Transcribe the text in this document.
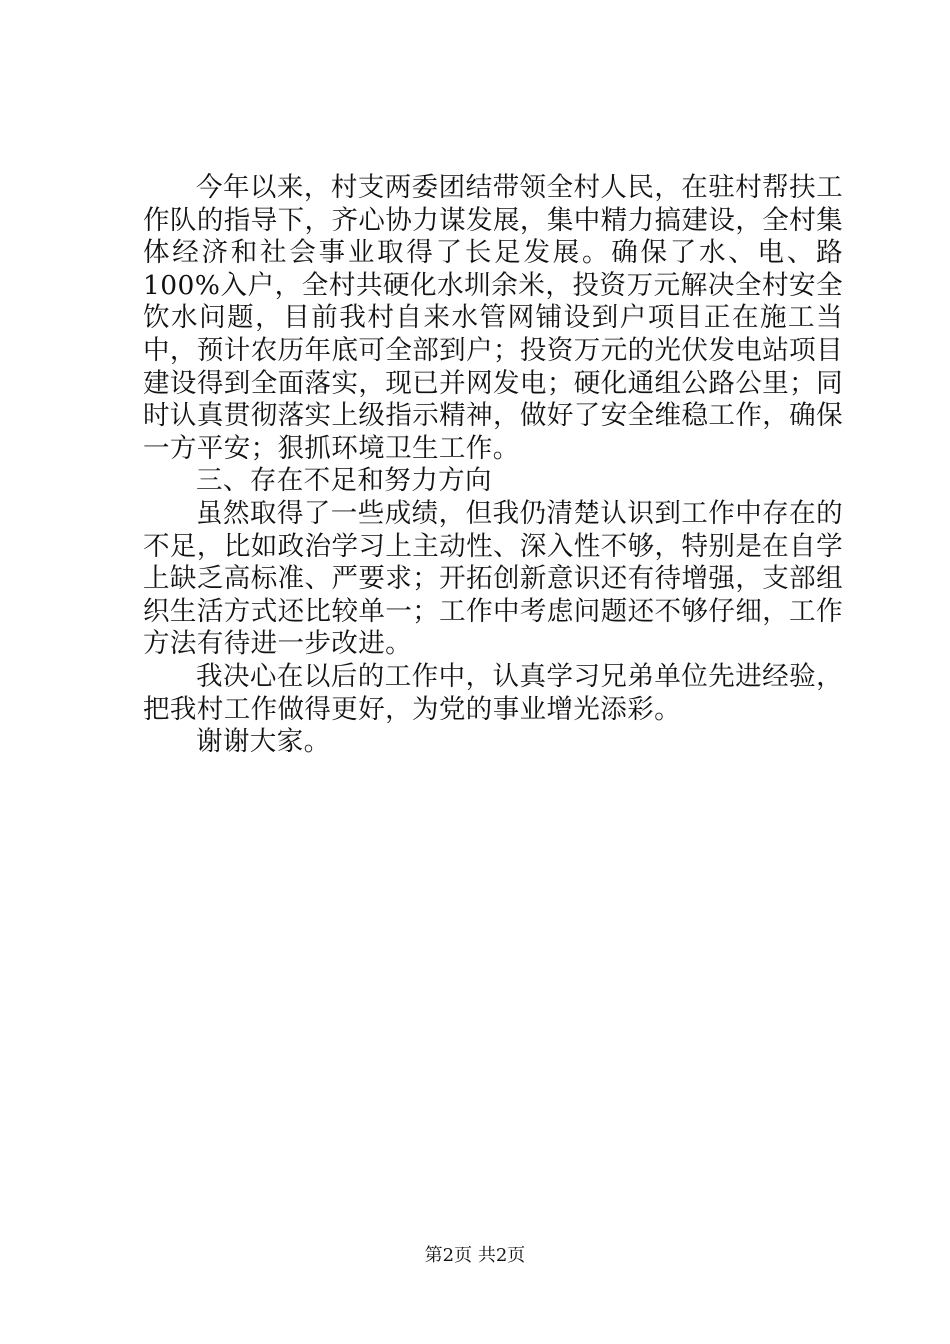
今年以来，村支两委团结带领全村人民，在驻村帮扶工作队的指导下，齐心协力谋发展，集中精力搞建设，全村集体经济和社会事业取得了长足发展。确保了水、电、路100%入户，全村共硬化水圳余米，投资万元解决全村安全饮水问题，目前我村自来水管网铺设到户项目正在施工当中，预计农历年底可全部到户；投资万元的光伏发电站项目建设得到全面落实，现已并网发电；硬化通组公路公里；同时认真贯彻落实上级指示精神，做好了安全维稳工作，确保一方平安；狠抓环境卫生工作。

三、存在不足和努力方向

虽然取得了一些成绩，但我仍清楚认识到工作中存在的不足，比如政治学习上主动性、深入性不够，特别是在自学上缺乏高标准、严要求；开拓创新意识还有待增强，支部组织生活方式还比较单一；工作中考虑问题还不够仔细，工作方法有待进一步改进。

我决心在以后的工作中，认真学习兄弟单位先进经验，把我村工作做得更好，为党的事业增光添彩。

谢谢大家。

第2页 共2页
